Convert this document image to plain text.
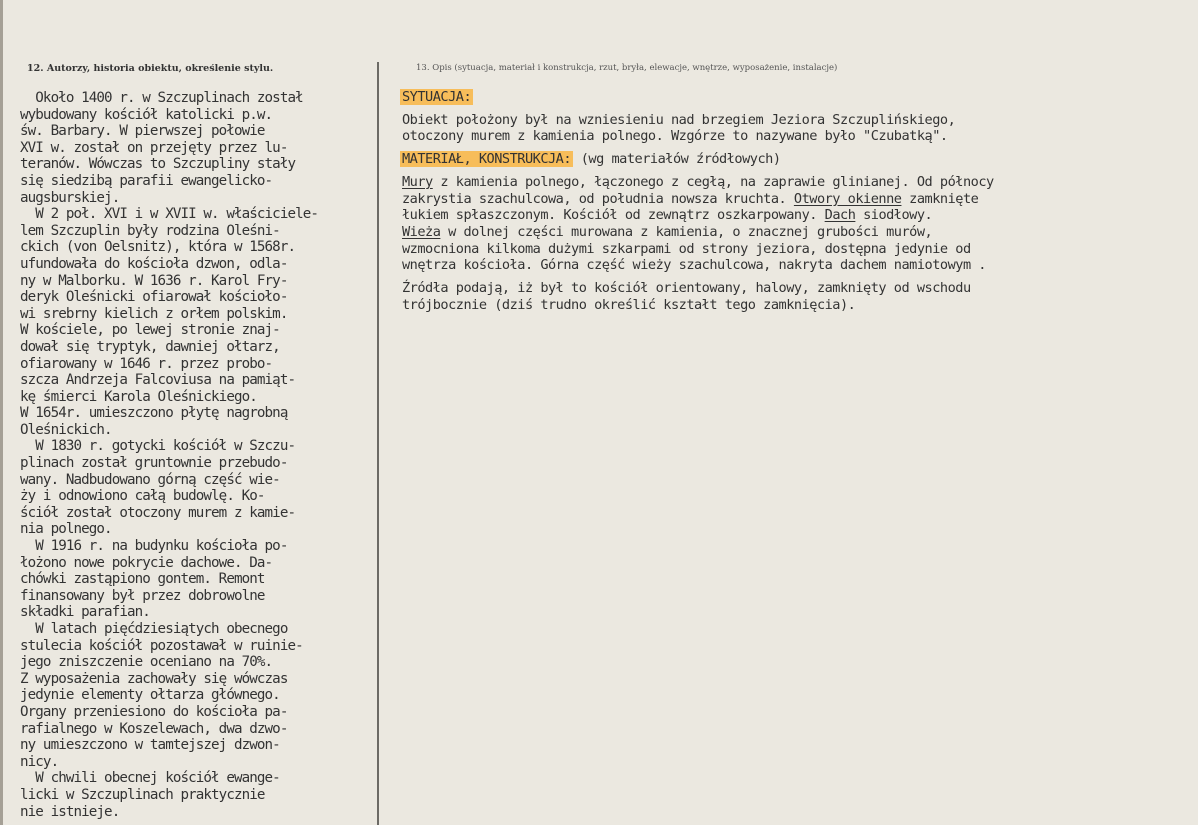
12. Autorzy, historia obiektu, określenie stylu.	13. Opis (sytuacja, materiał i konstrukcja, rzut, bryła, elewacje, wnętrze, wyposażenie, instalacje)
Około 1400 r. w Szczuplinach został
wybudowany kościół katolicki p.w.
św. Barbary. W pierwszej połowie
XVI w. został on przejęty przez lu-
teranów. Wówczas to Szczupliny stały
się siedzibą parafii ewangelicko-
augsburskiej.
W 2 poł. XVI i w XVII w. właściciele-
lem Szczuplin były rodzina Oleśni-
ckich (von Oelsnitz), która w 1568r.
ufundowała do kościoła dzwon, odla-
ny w Malborku. W 1636 r. Karol Fry-
deryk Oleśnicki ofiarował kościoło-
wi srebrny kielich z orłem polskim.
W kościele, po lewej stronie znaj-
dował się tryptyk, dawniej ołtarz,
ofiarowany w 1646 r. przez probo-
szcza Andrzeja Falcoviusa na pamiąt-
kę śmierci Karola Oleśnickiego.
W 1654r. umieszczono płytę nagrobną
Oleśnickich.
W 1830 r. gotycki kościół w Szczu-
plinach został gruntownie przebudo-
wany. Nadbudowano górną część wie-
ży i odnowiono całą budowlę. Ko-
ściół został otoczony murem z kamie-
nia polnego.
W 1916 r. na budynku kościoła po-
łożono nowe pokrycie dachowe. Da-
chówki zastąpiono gontem. Remont
finansowany był przez dobrowolne
składki parafian.
W latach pięćdziesiątych obecnego
stulecia kościół pozostawał w ruinie-
jego zniszczenie oceniano na 70%.
Z wyposażenia zachowały się wówczas
jedynie elementy ołtarza głównego.
Organy przeniesiono do kościoła pa-
rafialnego w Koszelewach, dwa dzwo-
ny umieszczono w tamtejszej dzwon-
nicy.
W chwili obecnej kościół ewange-
licki w Szczuplinach praktycznie
nie istnieje.
SYTUACJA:

Obiekt położony był na wzniesieniu nad brzegiem Jeziora Szczuplińskiego,
otoczony murem z kamienia polnego. Wzgórze to nazywane było "Czubatką".

MATERIAŁ, KONSTRUKCJA: (wg materiałów źródłowych)

Mury z kamienia polnego, łączonego z cegłą, na zaprawie glinianej. Od północy
zakrystia szachulcowa, od południa nowsza kruchta. Otwory okienne zamknięte
łukiem spłaszczonym. Kościół od zewnątrz oszkarpowany. Dach siodłowy.
Wieża w dolnej części murowana z kamienia, o znacznej grubości murów,
wzmocniona kilkoma dużymi szkarpami od strony jeziora, dostępna jedynie od
wnętrza kościoła. Górna część wieży szachulcowa, nakryta dachem namiotowym .

Źródła podają, iż był to kościół orientowany, halowy, zamknięty od wschodu
trójbocznie (dziś trudno określić kształt tego zamknięcia).
